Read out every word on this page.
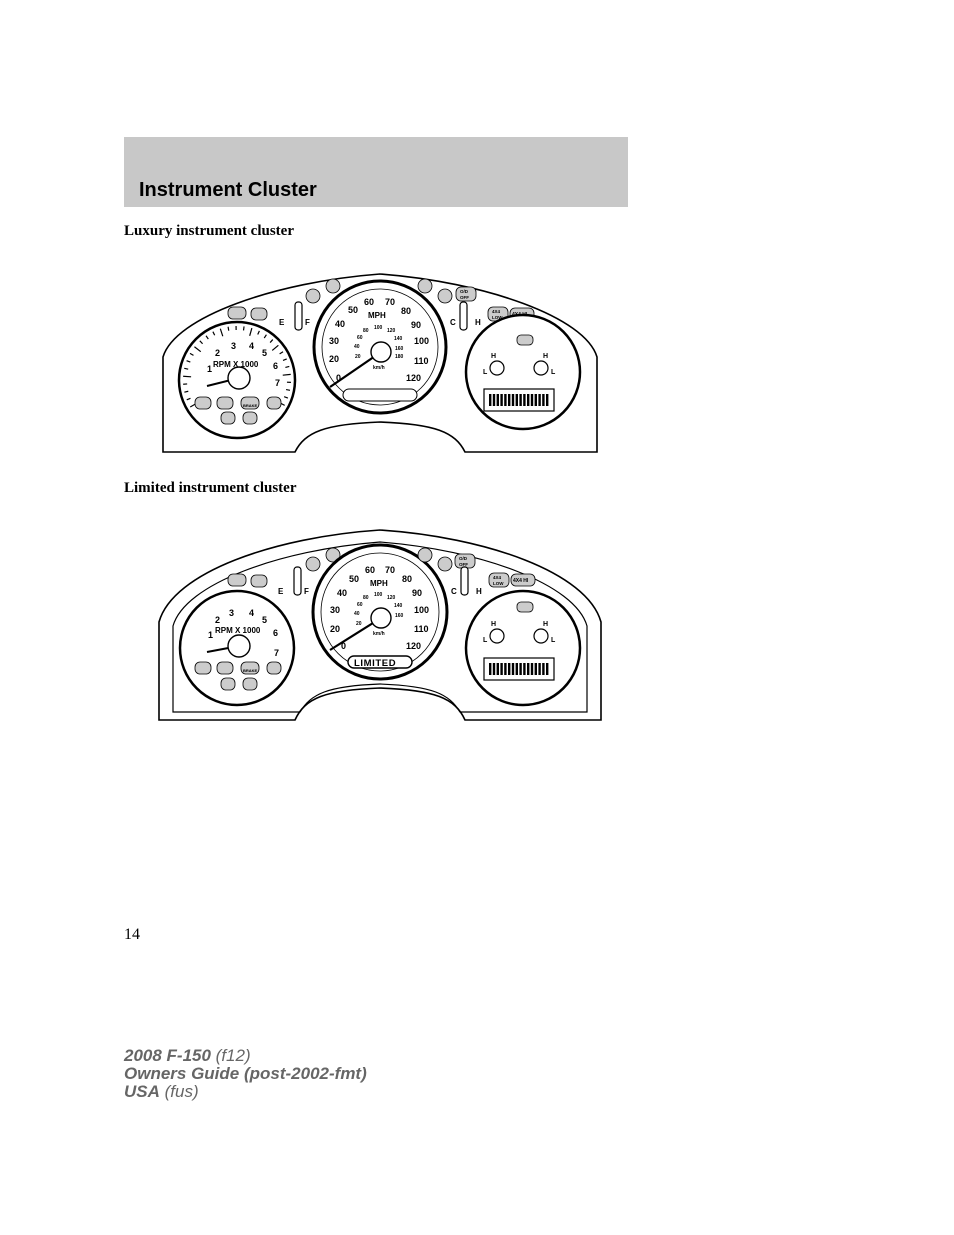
Instrument Cluster
Luxury instrument cluster
RPM X 1000
1
2
3 4
5
6
7
BRAKE
E	F
MPH
km/h
0
20
30
40
50
60 70
80
90
100
110
120
20
40
60
80 100 120
140
160
180
O/D
OFF
C H
4X4
LOW
H	H
L	L
Limited instrument cluster
RPM X 1000
1
2
3 4
5
6
7
BRAKE
E	F
MPH
km/h
0
20
30
40
50
60 70
80
90
100
110
120
20
40
60
80 100 120
140
160
LIMITED
O/D
OFF
C H
4X4
LOW 4X4 HI
H	H
L	L
14
2008 F-150 (f12)
Owners Guide (post-2002-fmt)
USA (fus)
